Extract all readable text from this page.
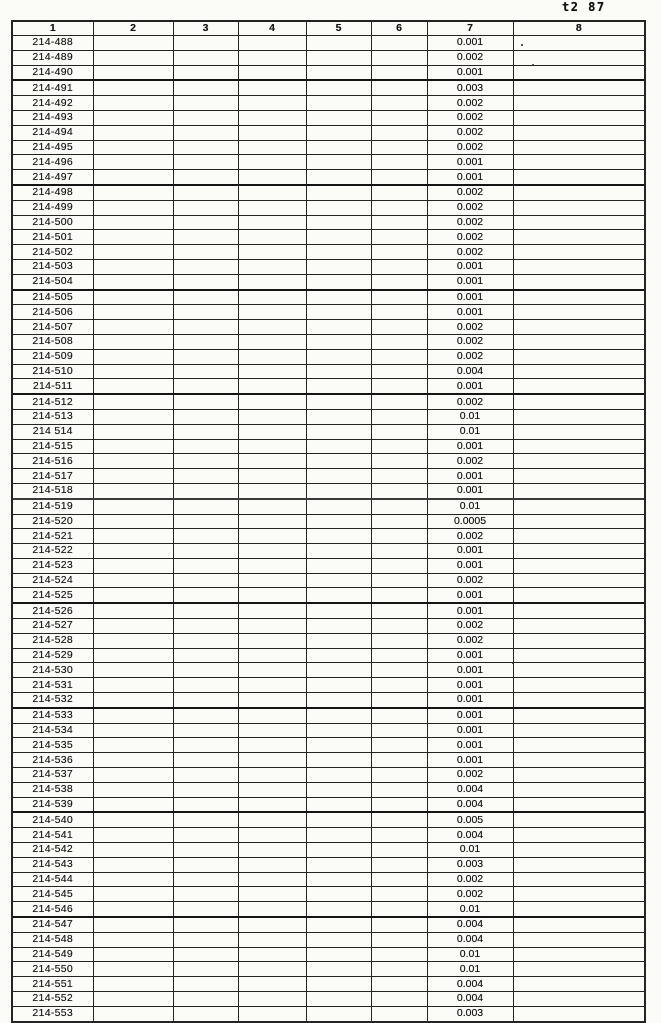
t2 87
1	2	3	4	5	6	7	8
214-488						0.001	
214-489						0.002	
214-490						0.001	
214-491						0.003	
214-492						0.002	
214-493						0.002	
214-494						0.002	
214-495						0.002	
214-496						0.001	
214-497						0.001	
214-498						0.002	
214-499						0.002	
214-500						0.002	
214-501						0.002	
214-502						0.002	
214-503						0.001	
214-504						0.001	
214-505						0.001	
214-506						0.001	
214-507						0.002	
214-508						0.002	
214-509						0.002	
214-510						0.004	
214-511						0.001	
214-512						0.002	
214-513						0.01	
214 514						0.01	
214-515						0.001	
214-516						0.002	
214-517						0.001	
214-518						0.001	
214-519						0.01	
214-520						0.0005	
214-521						0.002	
214-522						0.001	
214-523						0.001	
214-524						0.002	
214-525						0.001	
214-526						0.001	
214-527						0.002	
214-528						0.002	
214-529						0.001	
214-530						0.001	
214-531						0.001	
214-532						0.001	
214-533						0.001	
214-534						0.001	
214-535						0.001	
214-536						0.001	
214-537						0.002	
214-538						0.004	
214-539						0.004	
214-540						0.005	
214-541						0.004	
214-542						0.01	
214-543						0.003	
214-544						0.002	
214-545						0.002	
214-546						0.01	
214-547						0.004	
214-548						0.004	
214-549						0.01	
214-550						0.01	
214-551						0.004	
214-552						0.004	
214-553						0.003	
